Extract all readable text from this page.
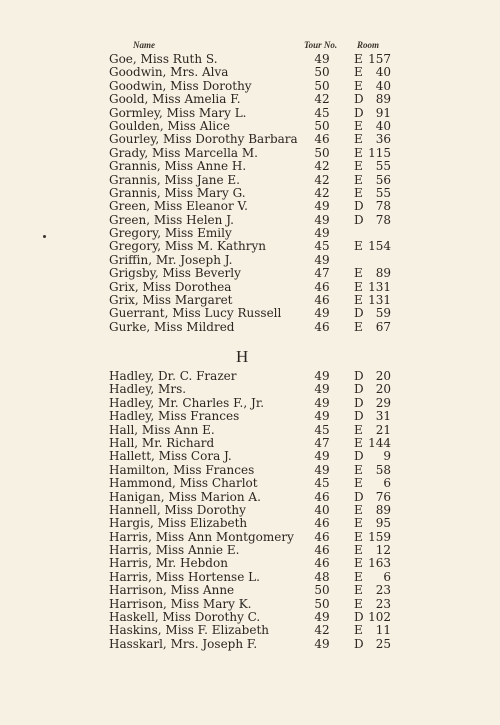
Name	Tour No. Room
Goe, Miss Ruth S.	49 E 157
Goodwin, Mrs. Alva	50 E	40
Goodwin, Miss Dorothy	50 E	40
Goold, Miss Amelia F.	42 D	89
Gormley, Miss Mary L.	45 D	91
Goulden, Miss Alice	50 E	40
Gourley, Miss Dorothy Barbara 46 E	36
Grady, Miss Marcella M.	50 E 115
Grannis, Miss Anne H.	42 E	55
Grannis, Miss Jane E.	42 E	56
Grannis, Miss Mary G.	42 E	55
Green, Miss Eleanor V.	49 D	78
Green, Miss Helen J.	49 D	78
Gregory, Miss Emily	49
Gregory, Miss M. Kathryn	45 E 154
Griffin, Mr. Joseph J.	49
Grigsby, Miss Beverly	47 E	89
Grix, Miss Dorothea	46 E 131
Grix, Miss Margaret	46 E 131
Guerrant, Miss Lucy Russell	49 D	59
Gurke, Miss Mildred	46 E	67
H
Hadley, Dr. C. Frazer	49 D	20
Hadley, Mrs.	49 D	20
Hadley, Mr. Charles F., Jr.	49 D	29
Hadley, Miss Frances	49 D	31
Hall, Miss Ann E.	45 E	21
Hall, Mr. Richard	47 E 144
Hallett, Miss Cora J.	49 D	9
Hamilton, Miss Frances	49 E	58
Hammond, Miss Charlot	45 E	6
Hanigan, Miss Marion A.	46 D	76
Hannell, Miss Dorothy	40 E	89
Hargis, Miss Elizabeth	46 E	95
Harris, Miss Ann Montgomery 46 E 159
Harris, Miss Annie E.	46 E	12
Harris, Mr. Hebdon	46 E 163
Harris, Miss Hortense L.	48 E	6
Harrison, Miss Anne	50 E	23
Harrison, Miss Mary K.	50 E	23
Haskell, Miss Dorothy C.	49 D 102
Haskins, Miss F. Elizabeth	42 E	11
Hasskarl, Mrs. Joseph F.	49 D	25
